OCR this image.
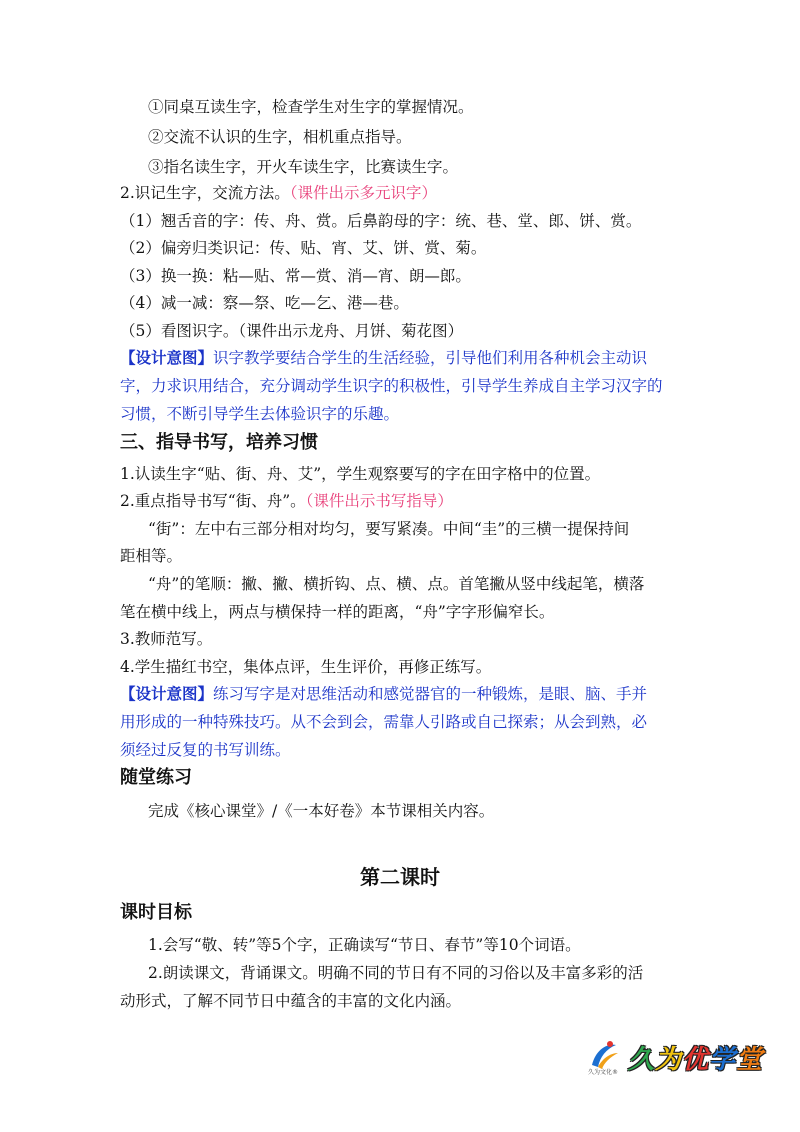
①同桌互读生字，检查学生对生字的掌握情况。
②交流不认识的生字，相机重点指导。
③指名读生字，开火车读生字，比赛读生字。
2.识记生字，交流方法。（课件出示多元识字）
（1）翘舌音的字：传、舟、赏。后鼻韵母的字：统、巷、堂、郎、饼、赏。
（2）偏旁归类识记：传、贴、宵、艾、饼、赏、菊。
（3）换一换：粘—贴、常—赏、消—宵、朗—郎。
（4）减一减：察—祭、吃—乞、港—巷。
（5）看图识字。（课件出示龙舟、月饼、菊花图）
【设计意图】识字教学要结合学生的生活经验，引导他们利用各种机会主动识
字，力求识用结合，充分调动学生识字的积极性，引导学生养成自主学习汉字的
习惯，不断引导学生去体验识字的乐趣。
三、指导书写，培养习惯
1.认读生字“贴、街、舟、艾”，学生观察要写的字在田字格中的位置。
2.重点指导书写“街、舟”。（课件出示书写指导）
“街”：左中右三部分相对均匀，要写紧凑。中间“圭”的三横一提保持间
距相等。
“舟”的笔顺：撇、撇、横折钩、点、横、点。首笔撇从竖中线起笔，横落
笔在横中线上，两点与横保持一样的距离，“舟”字字形偏窄长。
3.教师范写。
4.学生描红书空，集体点评，生生评价，再修正练写。
【设计意图】练习写字是对思维活动和感觉器官的一种锻炼，是眼、脑、手并
用形成的一种特殊技巧。从不会到会，需靠人引路或自己探索；从会到熟，必
须经过反复的书写训练。
随堂练习
完成《核心课堂》/《一本好卷》本节课相关内容。
第二课时
课时目标
1.会写“敬、转”等5个字，正确读写“节日、春节”等10个词语。
2.朗读课文，背诵课文。明确不同的节日有不同的习俗以及丰富多彩的活
动形式，了解不同节日中蕴含的丰富的文化内涵。
久为文化® 久为优学堂
